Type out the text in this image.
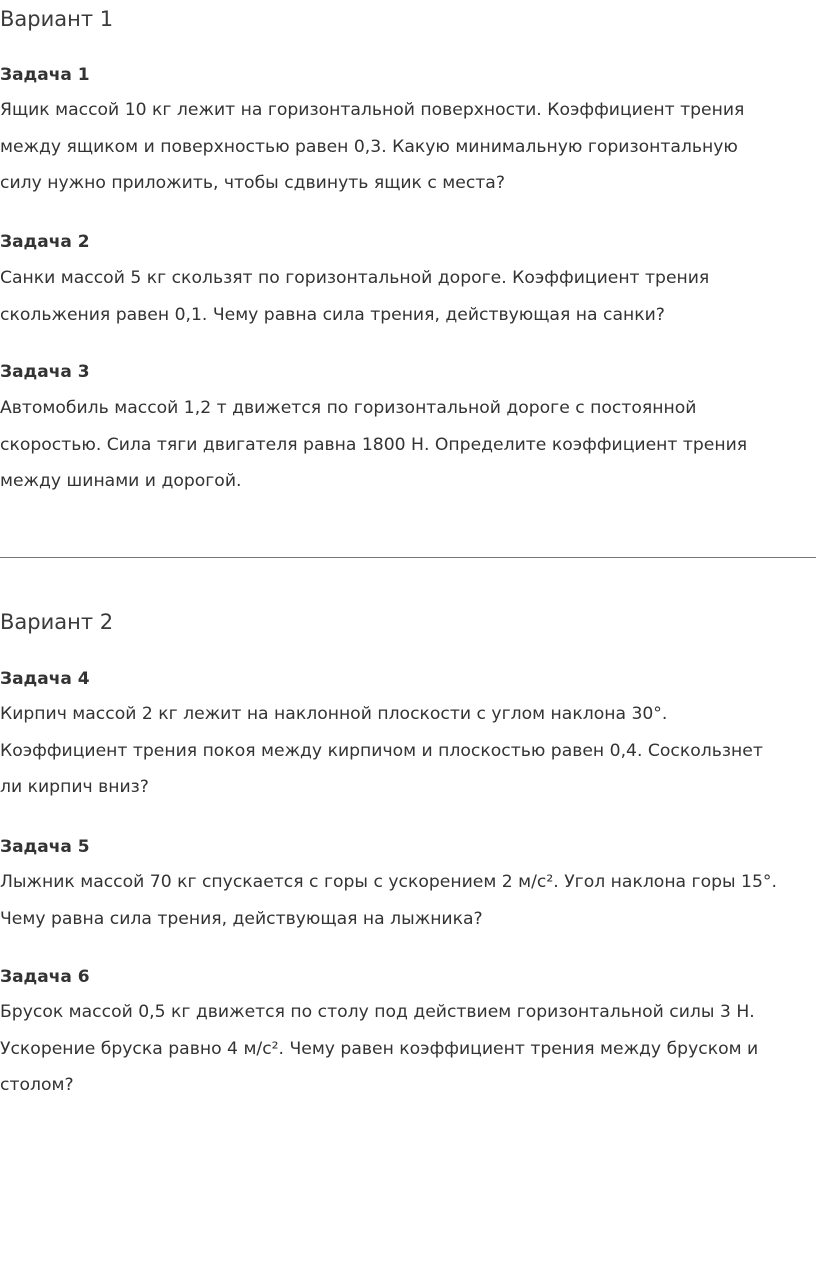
Вариант 1
Задача 1

Ящик массой 10 кг лежит на горизонтальной поверхности. Коэффициент трения
между ящиком и поверхностью равен 0,3. Какую минимальную горизонтальную
силу нужно приложить, чтобы сдвинуть ящик с места?

Задача 2

Санки массой 5 кг скользят по горизонтальной дороге. Коэффициент трения
скольжения равен 0,1. Чему равна сила трения, действующая на санки?

Задача 3

Автомобиль массой 1,2 т движется по горизонтальной дороге с постоянной
скоростью. Сила тяги двигателя равна 1800 Н. Определите коэффициент трения
между шинами и дорогой.

Вариант 2
Задача 4

Кирпич массой 2 кг лежит на наклонной плоскости с углом наклона 30°.
Коэффициент трения покоя между кирпичом и плоскостью равен 0,4. Соскользнет
ли кирпич вниз?

Задача 5

Лыжник массой 70 кг спускается с горы с ускорением 2 м/с². Угол наклона горы 15°.
Чему равна сила трения, действующая на лыжника?

Задача 6

Брусок массой 0,5 кг движется по столу под действием горизонтальной силы 3 Н.
Ускорение бруска равно 4 м/с². Чему равен коэффициент трения между бруском и
столом?
